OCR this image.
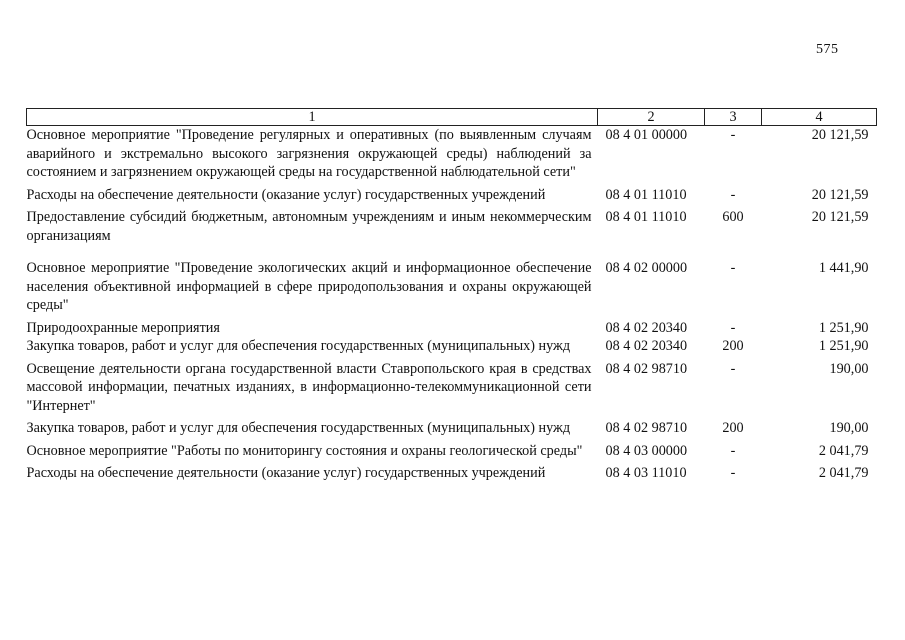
575
1	2	3	4
Основное мероприятие "Проведение регулярных и оперативных (по выявленным случаям аварийного и экстремально высокого загрязнения окружающей среды) наблюдений за состоянием и загрязнением окружающей среды на государственной наблюдательной сети"	08 4 01 00000	-	20 121,59
Расходы на обеспечение деятельности (оказание услуг) государственных учреждений	08 4 01 11010	-	20 121,59
Предоставление субсидий бюджетным, автономным учреждениям и иным некоммерческим организациям	08 4 01 11010	600	20 121,59
Основное мероприятие "Проведение экологических акций и информационное обеспечение населения объективной информацией в сфере природопользования и охраны окружающей среды"	08 4 02 00000	-	1 441,90
Природоохранные мероприятия	08 4 02 20340	-	1 251,90
Закупка товаров, работ и услуг для обеспечения государственных (муниципальных) нужд	08 4 02 20340	200	1 251,90
Освещение деятельности органа государственной власти Ставропольского края в средствах массовой информации, печатных изданиях, в информационно-телекоммуникационной сети "Интернет"	08 4 02 98710	-	190,00
Закупка товаров, работ и услуг для обеспечения государственных (муниципальных) нужд	08 4 02 98710	200	190,00
Основное мероприятие "Работы по мониторингу состояния и охраны геологической среды"	08 4 03 00000	-	2 041,79
Расходы на обеспечение деятельности (оказание услуг) государственных учреждений	08 4 03 11010	-	2 041,79
